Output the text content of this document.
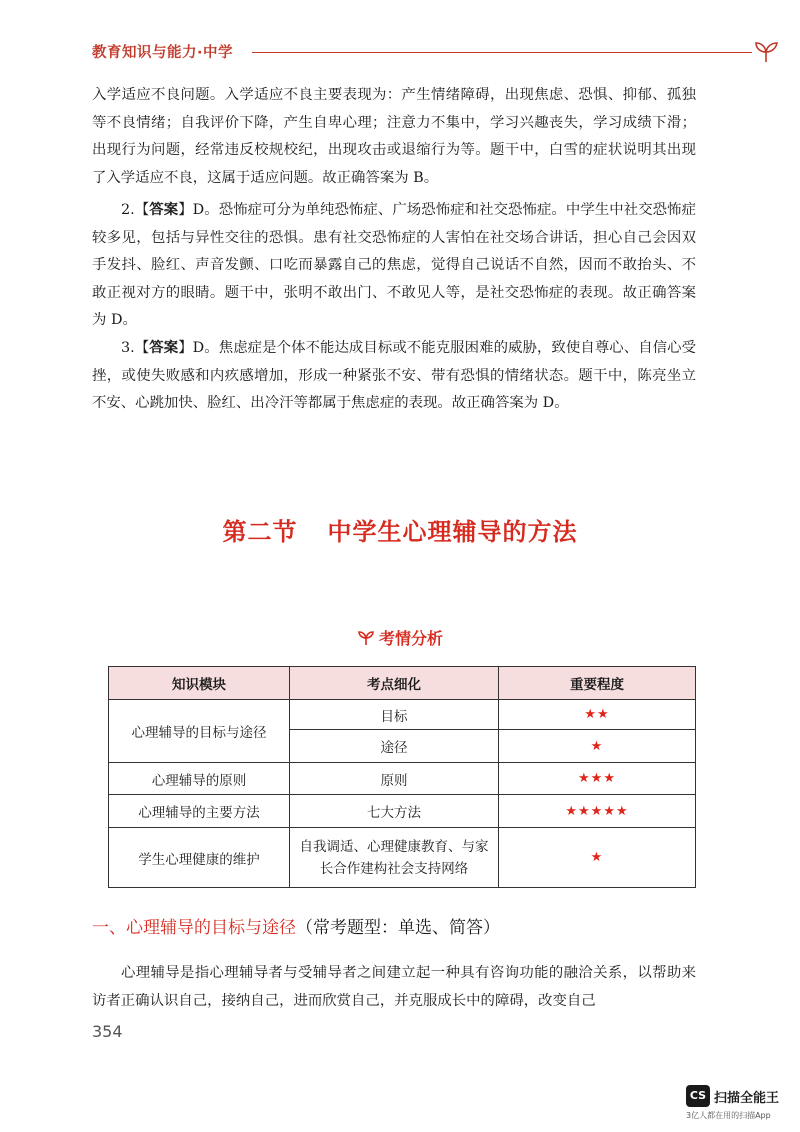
教育知识与能力·中学

入学适应不良问题。入学适应不良主要表现为：产生情绪障碍，出现焦虑、恐惧、抑郁、孤独等不良情绪；自我评价下降，产生自卑心理；注意力不集中，学习兴趣丧失，学习成绩下滑；出现行为问题，经常违反校规校纪，出现攻击或退缩行为等。题干中，白雪的症状说明其出现了入学适应不良，这属于适应问题。故正确答案为 B。

2.【答案】D。恐怖症可分为单纯恐怖症、广场恐怖症和社交恐怖症。中学生中社交恐怖症较多见，包括与异性交往的恐惧。患有社交恐怖症的人害怕在社交场合讲话，担心自己会因双手发抖、脸红、声音发颤、口吃而暴露自己的焦虑，觉得自己说话不自然，因而不敢抬头、不敢正视对方的眼睛。题干中，张明不敢出门、不敢见人等，是社交恐怖症的表现。故正确答案为 D。

3.【答案】D。焦虑症是个体不能达成目标或不能克服困难的威胁，致使自尊心、自信心受挫，或使失败感和内疚感增加，形成一种紧张不安、带有恐惧的情绪状态。题干中，陈亮坐立不安、心跳加快、脸红、出冷汗等都属于焦虑症的表现。故正确答案为 D。

第二节 中学生心理辅导的方法
考情分析
知识模块	考点细化	重要程度
心理辅导的目标与途径	目标	★★
	途径	★
心理辅导的原则	原则	★★★
心理辅导的主要方法	七大方法	★★★★★
学生心理健康的维护	自我调适、心理健康教育、与家长合作建构社会支持网络	★
一、心理辅导的目标与途径（常考题型：单选、简答）

心理辅导是指心理辅导者与受辅导者之间建立起一种具有咨询功能的融洽关系，以帮助来访者正确认识自己，接纳自己，进而欣赏自己，并克服成长中的障碍，改变自己

354
CS 扫描全能王
3亿人都在用的扫描App
